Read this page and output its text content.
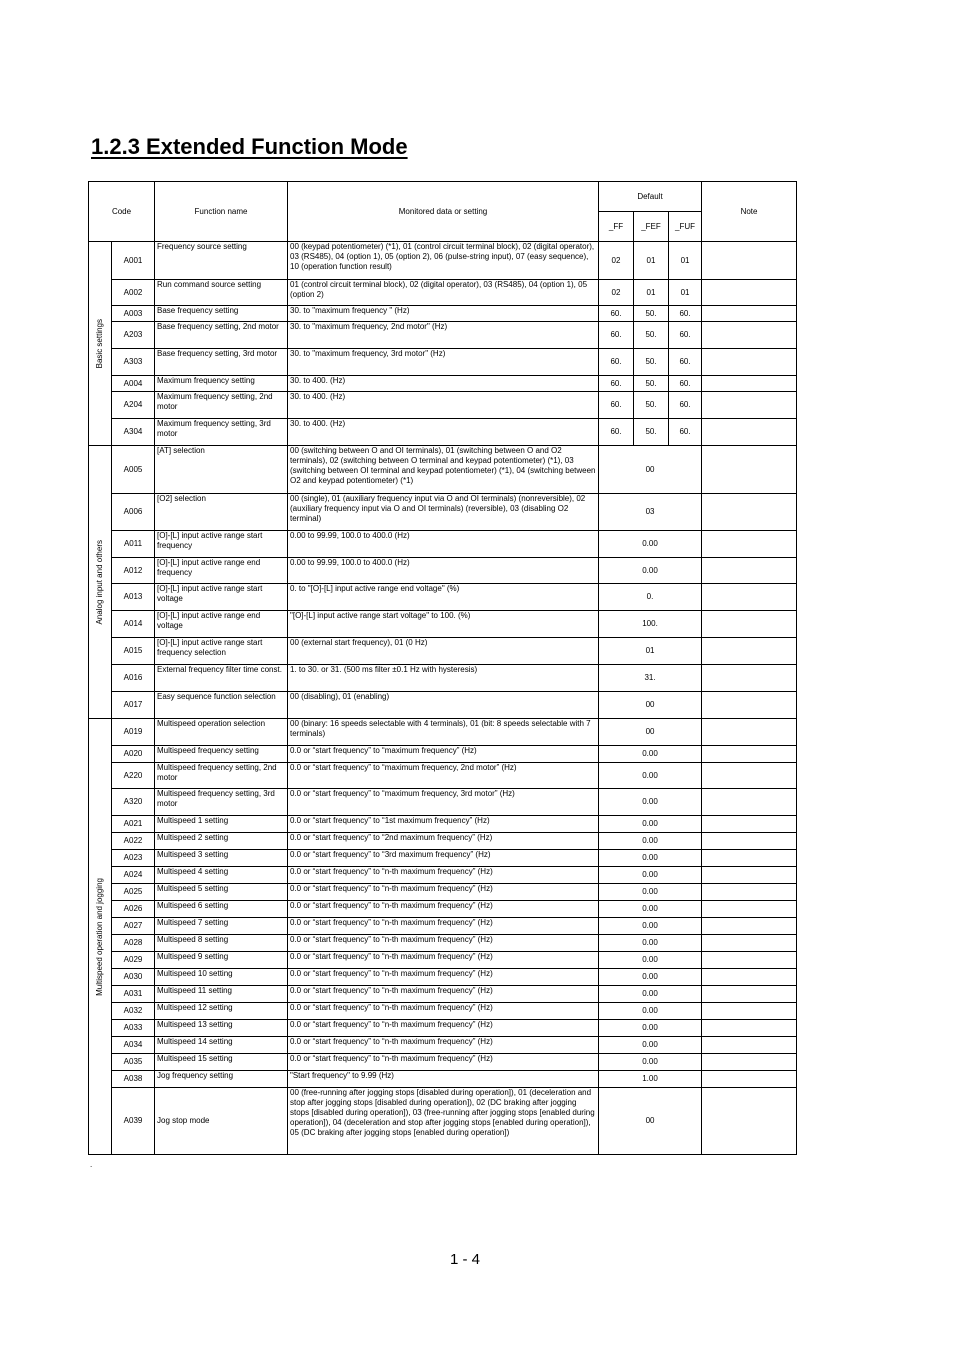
1.2.3 Extended Function Mode
Code		Function name	Monitored data or setting	Default			Note
				_FF	_FEF	_FUF	

Basic settings	A001	Frequency source setting	00 (keypad potentiometer) (*1), 01 (control circuit terminal block), 02 (digital operator), 03 (RS485), 04 (option 1), 05 (option 2), 06 (pulse-string input), 07 (easy sequence), 10 (operation function result)	02	01	01	
	A002	Run command source setting	01 (control circuit terminal block), 02 (digital operator), 03 (RS485), 04 (option 1), 05 (option 2)	02	01	01	
	A003	Base frequency setting	30. to "maximum frequency " (Hz)	60.	50.	60.	
	A203	Base frequency setting, 2nd motor	30. to "maximum frequency, 2nd motor" (Hz)	60.	50.	60.	
	A303	Base frequency setting, 3rd motor	30. to "maximum frequency, 3rd motor" (Hz)	60.	50.	60.	
	A004	Maximum frequency setting	30. to 400. (Hz)	60.	50.	60.	
	A204	Maximum frequency setting, 2nd motor	30. to 400. (Hz)	60.	50.	60.	
	A304	Maximum frequency setting, 3rd motor	30. to 400. (Hz)	60.	50.	60.	

Analog input and others	A005	[AT] selection	00 (switching between O and OI terminals), 01 (switching between O and O2 terminals), 02 (switching between O terminal and keypad potentiometer) (*1), 03 (switching between OI terminal and keypad potentiometer) (*1), 04 (switching between O2 and keypad potentiometer) (*1)	00			
	A006	[O2] selection	00 (single), 01 (auxiliary frequency input via O and OI terminals) (nonreversible), 02 (auxiliary frequency input via O and OI terminals) (reversible), 03 (disabling O2 terminal)	03			
	A011	[O]-[L] input active range start frequency	0.00 to 99.99, 100.0 to 400.0 (Hz)	0.00			
	A012	[O]-[L] input active range end frequency	0.00 to 99.99, 100.0 to 400.0 (Hz)	0.00			
	A013	[O]-[L] input active range start voltage	0. to "[O]-[L] input active range end voltage" (%)	0.			
	A014	[O]-[L] input active range end voltage	"[O]-[L] input active range start voltage" to 100. (%)	100.			
	A015	[O]-[L] input active range start frequency selection	00 (external start frequency), 01 (0 Hz)	01			
	A016	External frequency filter time const.	1. to 30. or 31. (500 ms filter ±0.1 Hz with hysteresis)	31.			
	A017	Easy sequence function selection	00 (disabling), 01 (enabling)	00			

Multispeed operation and jogging	A019	Multispeed operation selection	00 (binary: 16 speeds selectable with 4 terminals), 01 (bit: 8 speeds selectable with 7 terminals)	00			
	A020	Multispeed frequency setting	0.0 or “start frequency” to “maximum frequency” (Hz)	0.00			
	A220	Multispeed frequency setting, 2nd motor	0.0 or “start frequency” to “maximum frequency, 2nd motor” (Hz)	0.00			
	A320	Multispeed frequency setting, 3rd motor	0.0 or “start frequency” to “maximum frequency, 3rd motor” (Hz)	0.00			
	A021	Multispeed 1 setting	0.0 or “start frequency” to “1st maximum frequency” (Hz)	0.00			
	A022	Multispeed 2 setting	0.0 or “start frequency” to “2nd maximum frequency” (Hz)	0.00			
	A023	Multispeed 3 setting	0.0 or “start frequency” to “3rd maximum frequency” (Hz)	0.00			
	A024	Multispeed 4 setting	0.0 or “start frequency” to “n-th maximum frequency” (Hz)	0.00			
	A025	Multispeed 5 setting	0.0 or “start frequency” to “n-th maximum frequency” (Hz)	0.00			
	A026	Multispeed 6 setting	0.0 or “start frequency” to “n-th maximum frequency” (Hz)	0.00			
	A027	Multispeed 7 setting	0.0 or “start frequency” to “n-th maximum frequency” (Hz)	0.00			
	A028	Multispeed 8 setting	0.0 or “start frequency” to “n-th maximum frequency” (Hz)	0.00			
	A029	Multispeed 9 setting	0.0 or “start frequency” to “n-th maximum frequency” (Hz)	0.00			
	A030	Multispeed 10 setting	0.0 or “start frequency” to “n-th maximum frequency” (Hz)	0.00			
	A031	Multispeed 11 setting	0.0 or “start frequency” to “n-th maximum frequency” (Hz)	0.00			
	A032	Multispeed 12 setting	0.0 or “start frequency” to “n-th maximum frequency” (Hz)	0.00			
	A033	Multispeed 13 setting	0.0 or “start frequency” to “n-th maximum frequency” (Hz)	0.00			
	A034	Multispeed 14 setting	0.0 or “start frequency” to “n-th maximum frequency” (Hz)	0.00			
	A035	Multispeed 15 setting	0.0 or “start frequency” to “n-th maximum frequency” (Hz)	0.00			
	A038	Jog frequency setting	"Start frequency" to 9.99 (Hz)	1.00			
	A039	Jog stop mode	00 (free-running after jogging stops [disabled during operation]), 01 (deceleration and stop after jogging stops [disabled during operation]), 02 (DC braking after jogging stops [disabled during operation]), 03 (free-running after jogging stops [enabled during operation]), 04 (deceleration and stop after jogging stops [enabled during operation]), 05 (DC braking after jogging stops [enabled during operation])	00			
.
1 - 4
